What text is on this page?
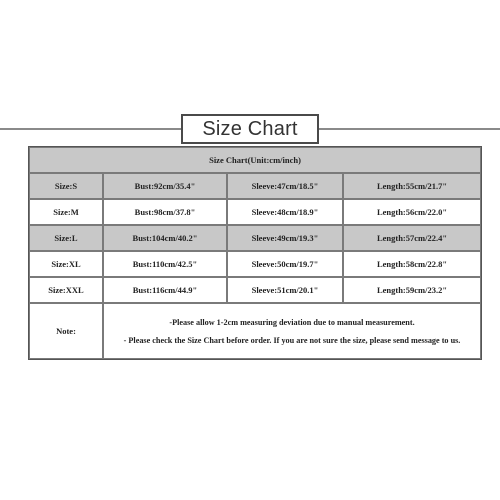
Size Chart
Size Chart(Unit:cm/inch)			
Size:S	Bust:92cm/35.4"	Sleeve:47cm/18.5"	Length:55cm/21.7"
Size:M	Bust:98cm/37.8"	Sleeve:48cm/18.9"	Length:56cm/22.0"
Size:L	Bust:104cm/40.2"	Sleeve:49cm/19.3"	Length:57cm/22.4"
Size:XL	Bust:110cm/42.5"	Sleeve:50cm/19.7"	Length:58cm/22.8"
Size:XXL	Bust:116cm/44.9"	Sleeve:51cm/20.1"	Length:59cm/23.2"
Note:	-Please allow 1-2cm measuring deviation due to manual measurement.
- Please check the Size Chart before order. If you are not sure the size, please send message to us.		
